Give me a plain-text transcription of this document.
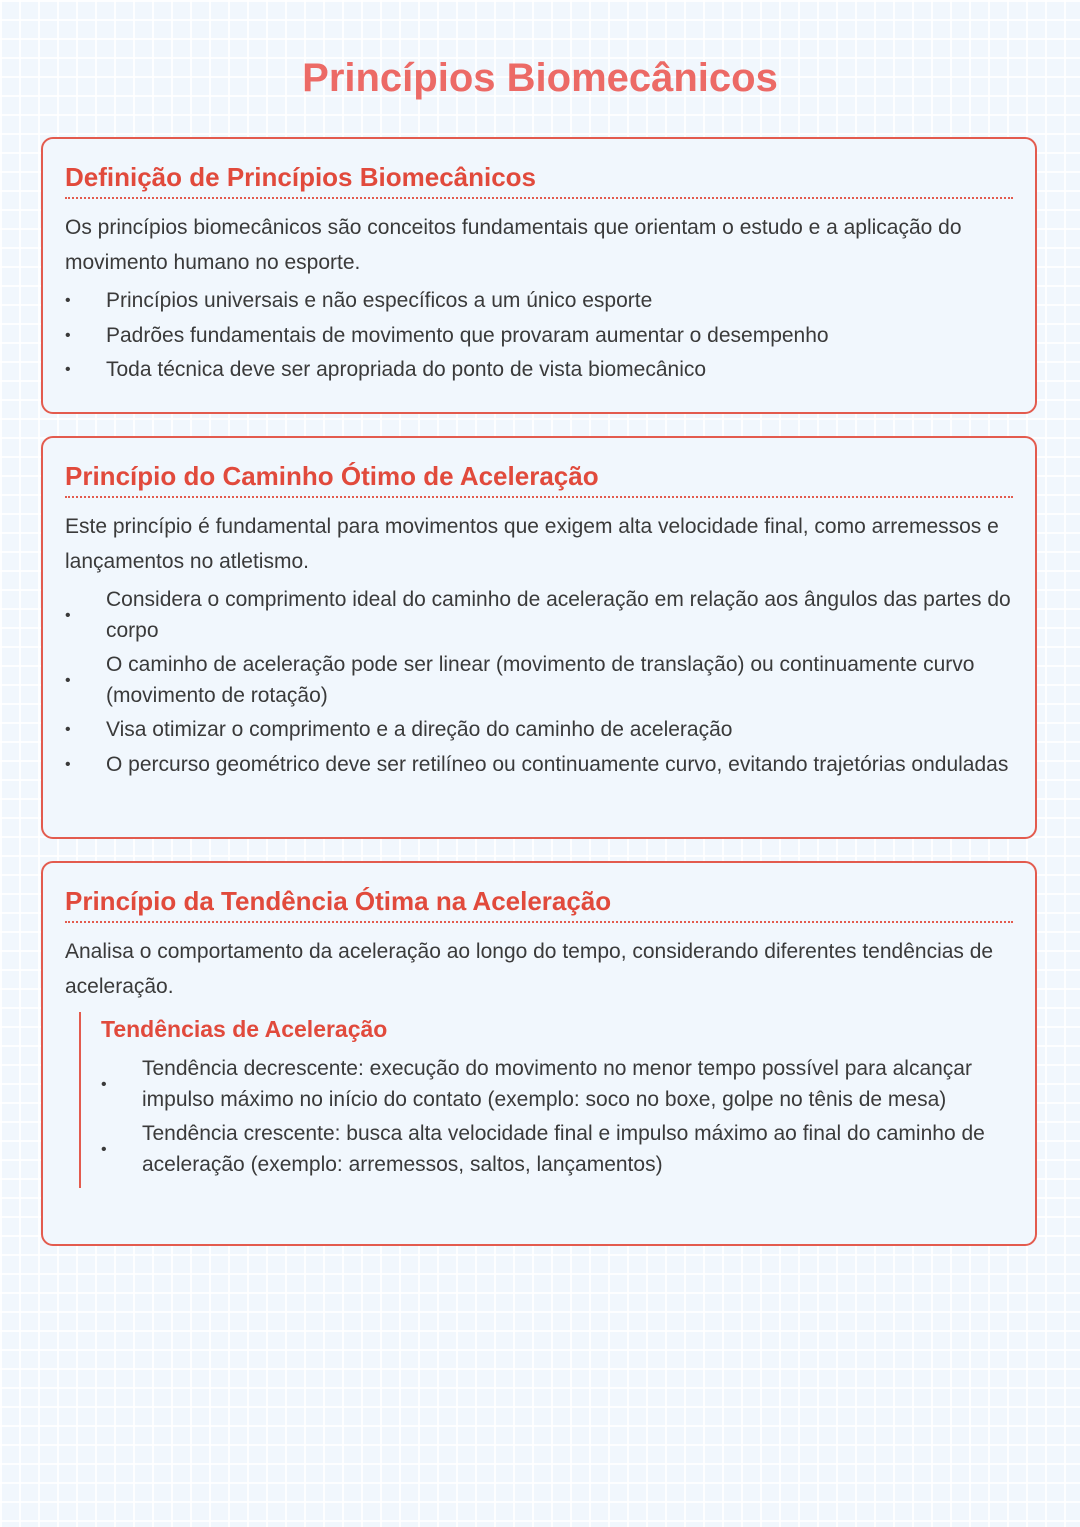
Princípios Biomecânicos
Definição de Princípios Biomecânicos

Os princípios biomecânicos são conceitos fundamentais que orientam o estudo e a aplicação do movimento humano no esporte.

• Princípios universais e não específicos a um único esporte
• Padrões fundamentais de movimento que provaram aumentar o desempenho
• Toda técnica deve ser apropriada do ponto de vista biomecânico
Princípio do Caminho Ótimo de Aceleração

Este princípio é fundamental para movimentos que exigem alta velocidade final, como arremessos e lançamentos no atletismo.

•
Considera o comprimento ideal do caminho de aceleração em relação aos ângulos das partes do corpo
•
O caminho de aceleração pode ser linear (movimento de translação) ou continuamente curvo (movimento de rotação)
• Visa otimizar o comprimento e a direção do caminho de aceleração
• O percurso geométrico deve ser retilíneo ou continuamente curvo, evitando trajetórias onduladas
Princípio da Tendência Ótima na Aceleração

Analisa o comportamento da aceleração ao longo do tempo, considerando diferentes tendências de aceleração.

Tendências de Aceleração
•
Tendência decrescente: execução do movimento no menor tempo possível para alcançar impulso máximo no início do contato (exemplo: soco no boxe, golpe no tênis de mesa)
•
Tendência crescente: busca alta velocidade final e impulso máximo ao final do caminho de aceleração (exemplo: arremessos, saltos, lançamentos)
